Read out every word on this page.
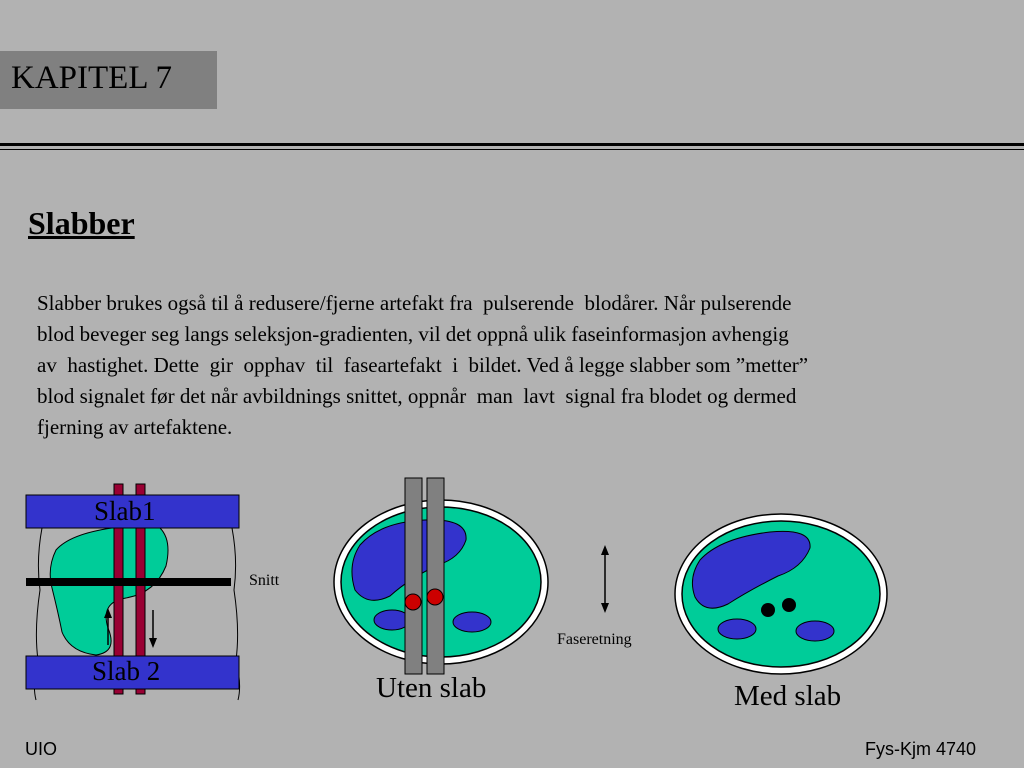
KAPITEL 7
Slabber
Slabber brukes også til å redusere/fjerne artefakt fra  pulserende  blodårer. Når pulserende
blod beveger seg langs seleksjon-gradienten, vil det oppnå ulik faseinformasjon avhengig
av  hastighet. Dette  gir  opphav  til  faseartefakt  i  bildet. Ved å legge slabber som ”metter”
blod signalet før det når avbildnings snittet, oppnår  man  lavt  signal fra blodet og dermed
fjerning av artefaktene.
Slab1
Slab 2
Snitt
Faseretning
Uten slab	Med slab
UIO	Fys-Kjm 4740
